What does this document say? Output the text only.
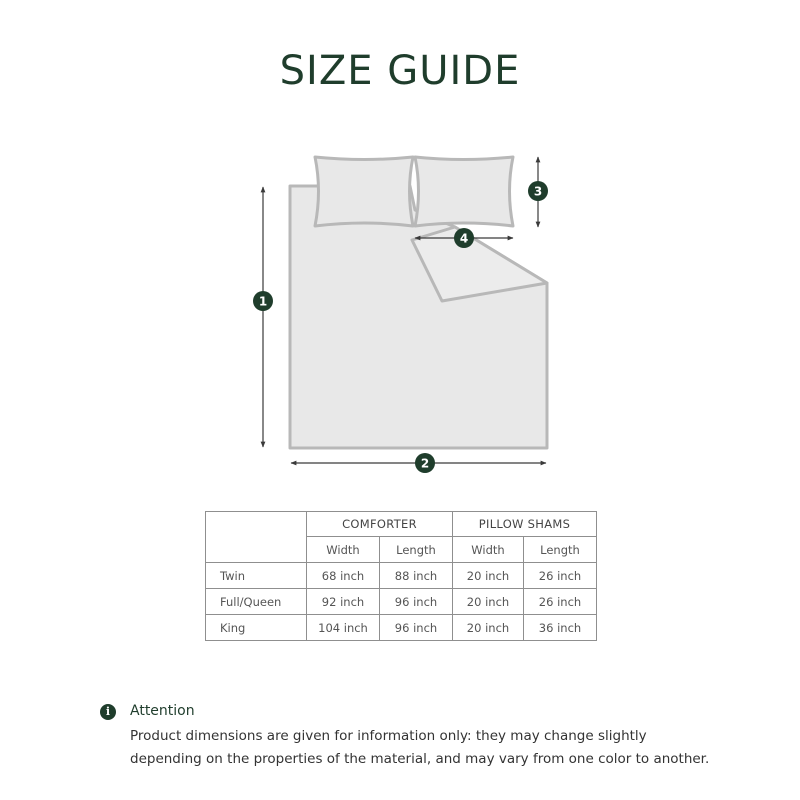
SIZE GUIDE
1
2
3
4
	COMFORTER		PILLOW SHAMS	
	Width	Length	Width	Length
Twin	68 inch	88 inch	20 inch	26 inch
Full/Queen	92 inch	96 inch	20 inch	26 inch
King	104 inch	96 inch	20 inch	36 inch
i	Attention
Product dimensions are given for information only: they may change slightly
depending on the properties of the material, and may vary from one color to another.
